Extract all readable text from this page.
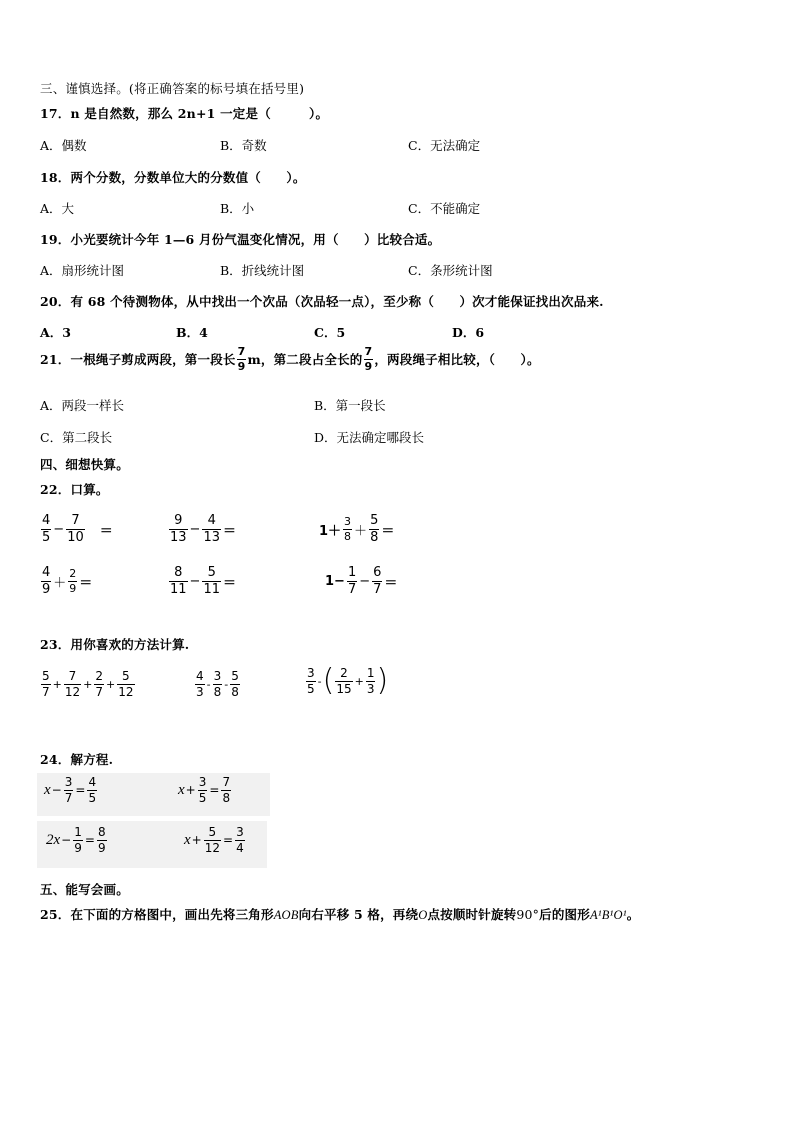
三、谨慎选择。(将正确答案的标号填在括号里)
17．n 是自然数，那么 2n+1 一定是（　　　）。
A．偶数	B．奇数	C．无法确定
18．两个分数，分数单位大的分数值（　　）。
A．大	B．小	C．不能确定
19．小光要统计今年 1—6 月份气温变化情况，用（　　）比较合适。
A．扇形统计图	B．折线统计图	C．条形统计图
20．有 68 个待测物体，从中找出一个次品（次品轻一点），至少称（　　）次才能保证找出次品来.
A．3	B．4	C．5	D．6
21．一根绳子剪成两段，第一段长 $\frac{7}{9}$ m，第二段占全长的 $\frac{7}{9}$ ，两段绳子相比较，（　　）。
A．两段一样长	B．第一段长
C．第二段长	D．无法确定哪段长
四、细想快算。
22．口算。
$\frac{4}{5} - \frac{7}{10}$ ＝	$\frac{9}{13} - \frac{4}{13}$ ＝	$1+ \frac{3}{8} + \frac{5}{8}$ ＝
$\frac{4}{9} + \frac{2}{9}$ ＝	$\frac{8}{11} - \frac{5}{11}$ ＝	$1- \frac{1}{7} - \frac{6}{7}$ ＝
23．用你喜欢的方法计算.
$\frac{5}{7} + \frac{7}{12} + \frac{2}{7} + \frac{5}{12}$	$\frac{4}{3} - \frac{3}{8} - \frac{5}{8}$	$\frac{3}{5}$ - ( $\frac{2}{15} + \frac{1}{3}$ )
24．解方程.
$x - \frac{3}{7} = \frac{4}{5}$	$x + \frac{3}{5} = \frac{7}{8}$
$2x - \frac{1}{9} = \frac{8}{9}$	$x + \frac{5}{12} = \frac{3}{4}$
五、能写会画。
25．在下面的方格图中，画出先将三角形AOB向右平移 5 格，再绕O点按顺时针旋转90°后的图形A¹B¹O¹。
